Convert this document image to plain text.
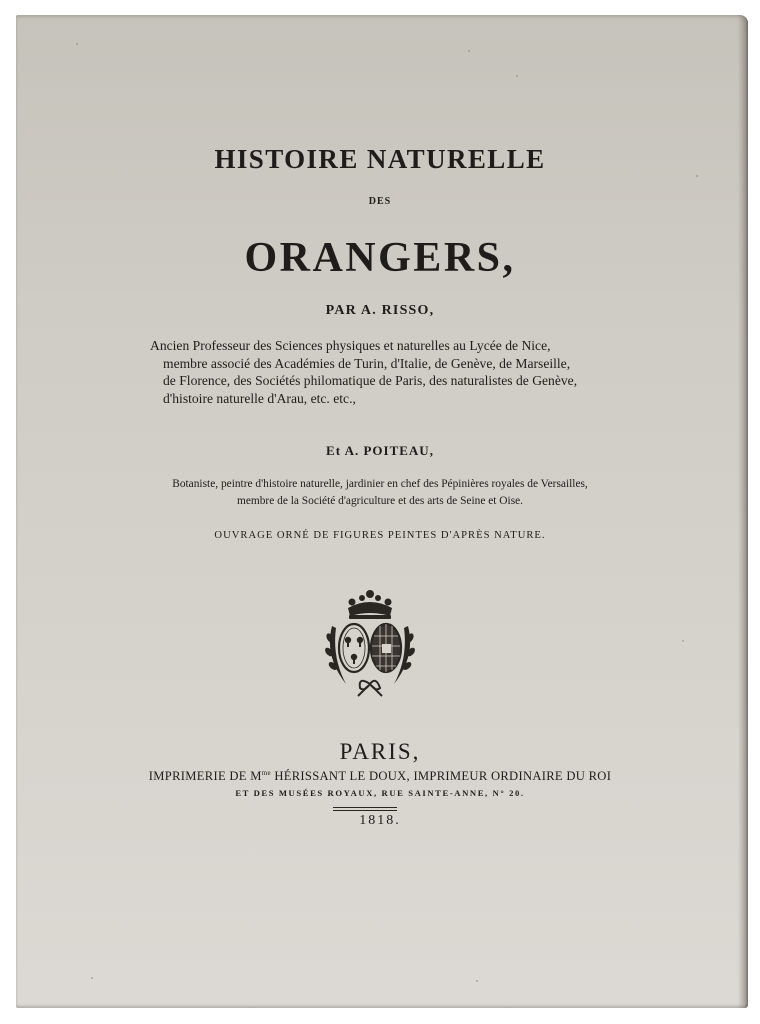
HISTOIRE NATURELLE
DES
ORANGERS,
PAR A. RISSO,
Ancien Professeur des Sciences physiques et naturelles au Lycée de Nice,
membre associé des Académies de Turin, d'Italie, de Genève, de Marseille,
de Florence, des Sociétés philomatique de Paris, des naturalistes de Genève,
d'histoire naturelle d'Arau, etc. etc.,
Et A. POITEAU,
Botaniste, peintre d'histoire naturelle, jardinier en chef des Pépinières royales de Versailles,
membre de la Société d'agriculture et des arts de Seine et Oise.
OUVRAGE ORNÉ DE FIGURES PEINTES D'APRÈS NATURE.
PARIS,
IMPRIMERIE DE $M^{me}$ HÉRISSANT LE DOUX, IMPRIMEUR ORDINAIRE DU ROI
ET DES MUSÉES ROYAUX, RUE SAINTE-ANNE, N° 20.
1818.
